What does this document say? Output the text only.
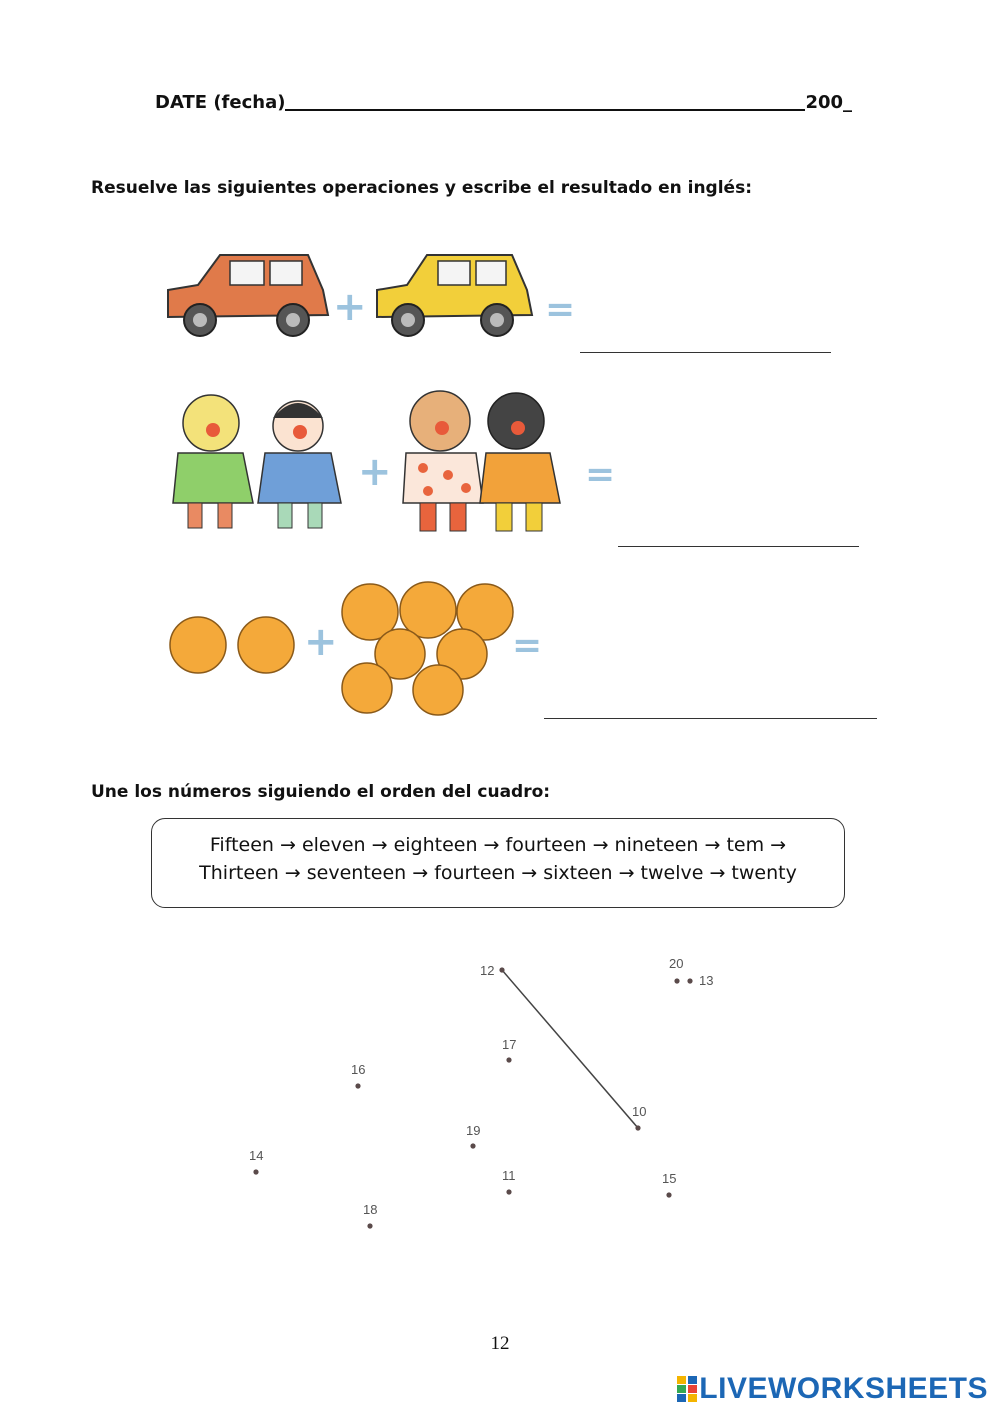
DATE (fecha)	200_
Resuelve las siguientes operaciones y escribe el resultado en inglés:
+	=
+	=
+	=
Une los números siguiendo el orden del cuadro:
Fifteen → eleven → eighteen → fourteen → nineteen → tem →
Thirteen → seventeen → fourteen → sixteen → twelve → twenty
12	20
13
17
16
10
19
14
11	15
18
12
LIVEWORKSHEETS
